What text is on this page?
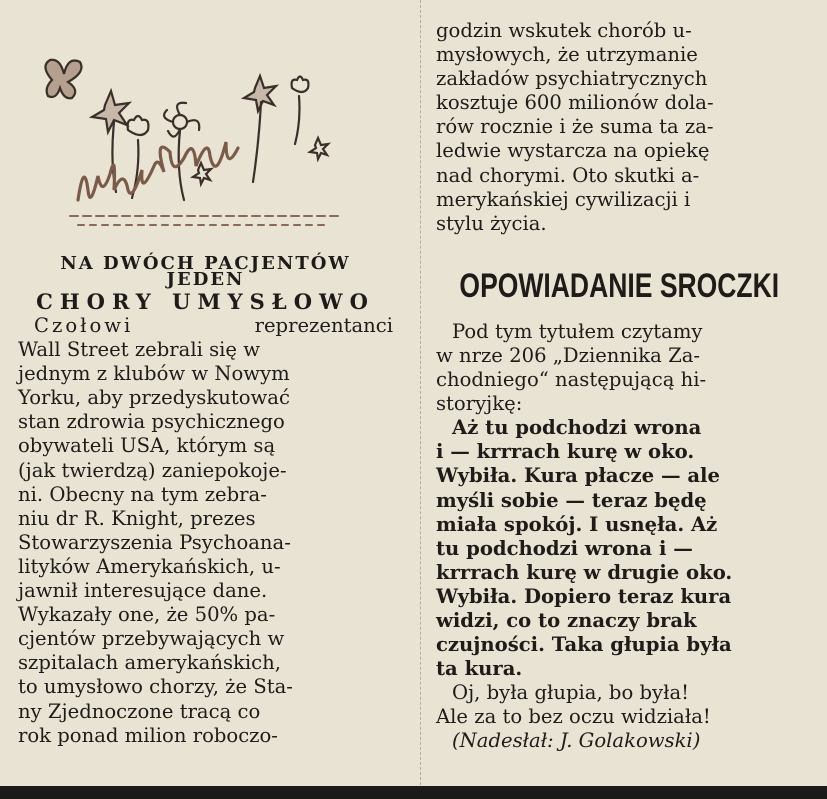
NA DWÓCH PACJENTÓW

JEDEN

CHORY UMYSŁOWO

Czołowi	reprezentanci
Wall Street zebrali się w
jednym z klubów w Nowym
Yorku, aby przedyskutować
stan zdrowia psychicznego
obywateli USA, którym są
(jak twierdzą) zaniepokoje-
ni. Obecny na tym zebra-
niu dr R. Knight, prezes
Stowarzyszenia Psychoana-
lityków Amerykańskich, u-
jawnił interesujące dane.
Wykazały one, że 50% pa-
cjentów przebywających w
szpitalach amerykańskich,
to umysłowo chorzy, że Sta-
ny Zjednoczone tracą co
rok ponad milion roboczo-
godzin wskutek chorób u-
mysłowych, że utrzymanie
zakładów psychiatrycznych
kosztuje 600 milionów dola-
rów rocznie i że suma ta za-
ledwie wystarcza na opiekę
nad chorymi. Oto skutki a-
merykańskiej cywilizacji i
stylu życia.
OPOWIADANIE SROCZKI
Pod tym tytułem czytamy
w nrze 206 „Dziennika Za-
chodniego“ następującą hi-
storyjkę:
Aż tu podchodzi wrona
i — krrrach kurę w oko.
Wybiła. Kura płacze — ale
myśli sobie — teraz będę
miała spokój. I usnęła. Aż
tu podchodzi wrona i —
krrrach kurę w drugie oko.
Wybiła. Dopiero teraz kura
widzi, co to znaczy brak
czujności. Taka głupia była
ta kura.
Oj, była głupia, bo była!
Ale za to bez oczu widziała!
(Nadesłał: J. Golakowski)
